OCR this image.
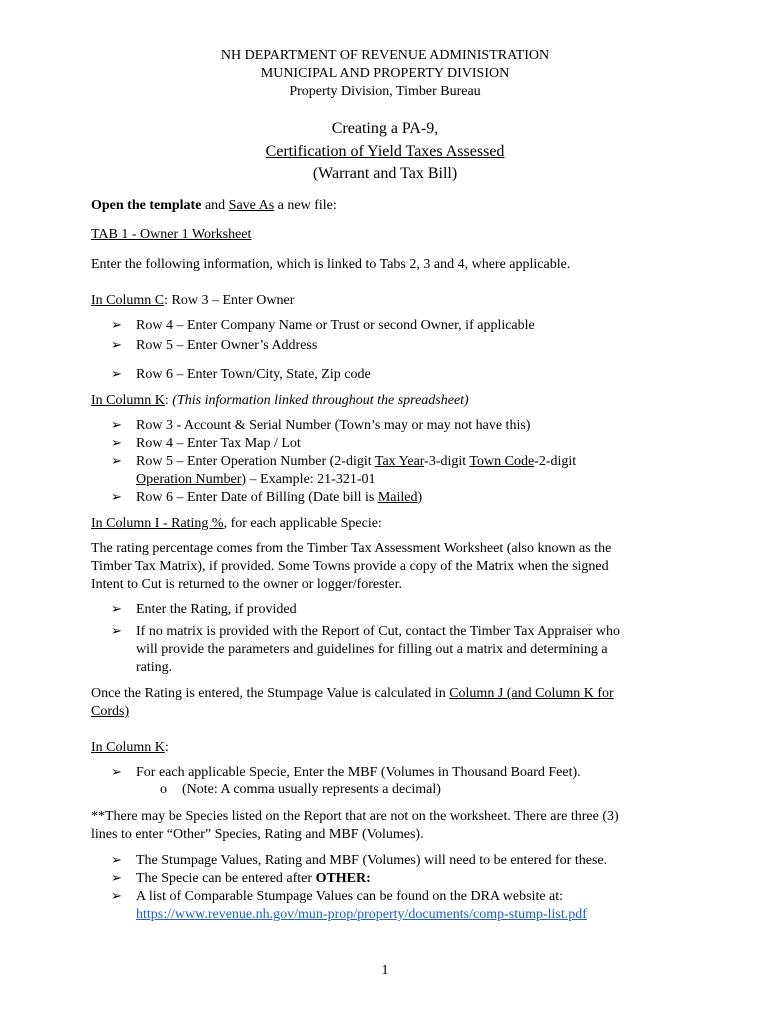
NH DEPARTMENT OF REVENUE ADMINISTRATION
MUNICIPAL AND PROPERTY DIVISION
Property Division, Timber Bureau
Creating a PA-9,
Certification of Yield Taxes Assessed
(Warrant and Tax Bill)
Open the template and Save As a new file:
TAB 1 - Owner 1 Worksheet
Enter the following information, which is linked to Tabs 2, 3 and 4, where applicable.
In Column C: Row 3 – Enter Owner
➢ Row 4 – Enter Company Name or Trust or second Owner, if applicable
➢ Row 5 – Enter Owner’s Address
➢ Row 6 – Enter Town/City, State, Zip code
In Column K: (This information linked throughout the spreadsheet)
➢ Row 3 - Account & Serial Number (Town’s may or may not have this)
➢ Row 4 – Enter Tax Map / Lot
➢ Row 5 – Enter Operation Number (2-digit Tax Year-3-digit Town Code-2-digit
Operation Number) – Example: 21-321-01
➢ Row 6 – Enter Date of Billing (Date bill is Mailed)
In Column I - Rating %, for each applicable Specie:
The rating percentage comes from the Timber Tax Assessment Worksheet (also known as the
Timber Tax Matrix), if provided. Some Towns provide a copy of the Matrix when the signed
Intent to Cut is returned to the owner or logger/forester.
➢ Enter the Rating, if provided
➢ If no matrix is provided with the Report of Cut, contact the Timber Tax Appraiser who
will provide the parameters and guidelines for filling out a matrix and determining a
rating.
Once the Rating is entered, the Stumpage Value is calculated in Column J (and Column K for
Cords)
In Column K:
➢ For each applicable Specie, Enter the MBF (Volumes in Thousand Board Feet).
o (Note: A comma usually represents a decimal)
**There may be Species listed on the Report that are not on the worksheet. There are three (3)
lines to enter “Other” Species, Rating and MBF (Volumes).
➢ The Stumpage Values, Rating and MBF (Volumes) will need to be entered for these.
➢ The Specie can be entered after OTHER:
➢ A list of Comparable Stumpage Values can be found on the DRA website at:
https://www.revenue.nh.gov/mun-prop/property/documents/comp-stump-list.pdf
1
